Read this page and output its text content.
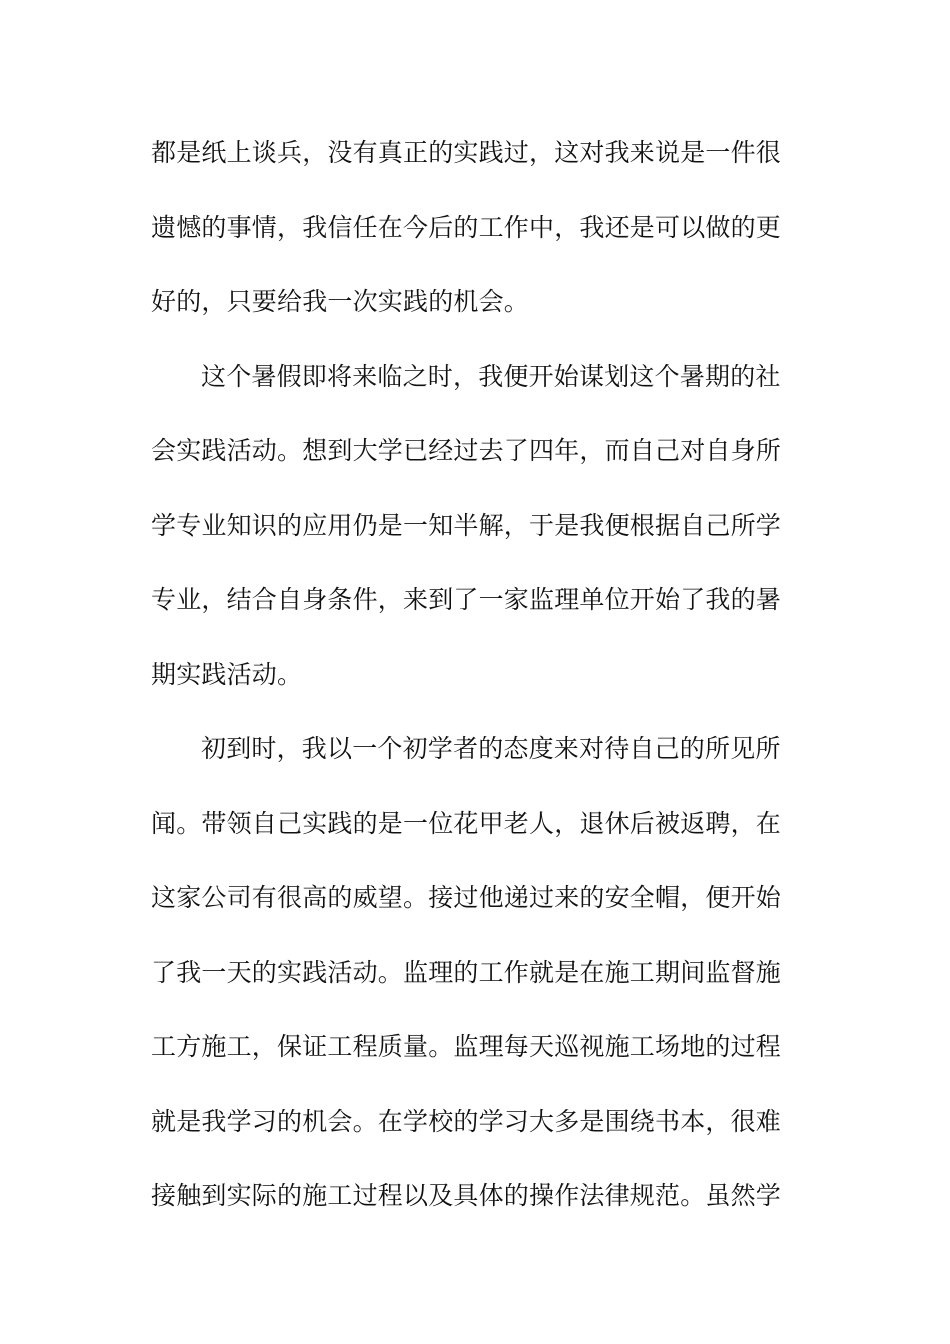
都是纸上谈兵，没有真正的实践过，这对我来说是一件很
遗憾的事情，我信任在今后的工作中，我还是可以做的更
好的，只要给我一次实践的机会。
这个暑假即将来临之时，我便开始谋划这个暑期的社
会实践活动。想到大学已经过去了四年，而自己对自身所
学专业知识的应用仍是一知半解，于是我便根据自己所学
专业，结合自身条件，来到了一家监理单位开始了我的暑
期实践活动。
初到时，我以一个初学者的态度来对待自己的所见所
闻。带领自己实践的是一位花甲老人，退休后被返聘，在
这家公司有很高的威望。接过他递过来的安全帽，便开始
了我一天的实践活动。监理的工作就是在施工期间监督施
工方施工，保证工程质量。监理每天巡视施工场地的过程
就是我学习的机会。在学校的学习大多是围绕书本，很难
接触到实际的施工过程以及具体的操作法律规范。虽然学
